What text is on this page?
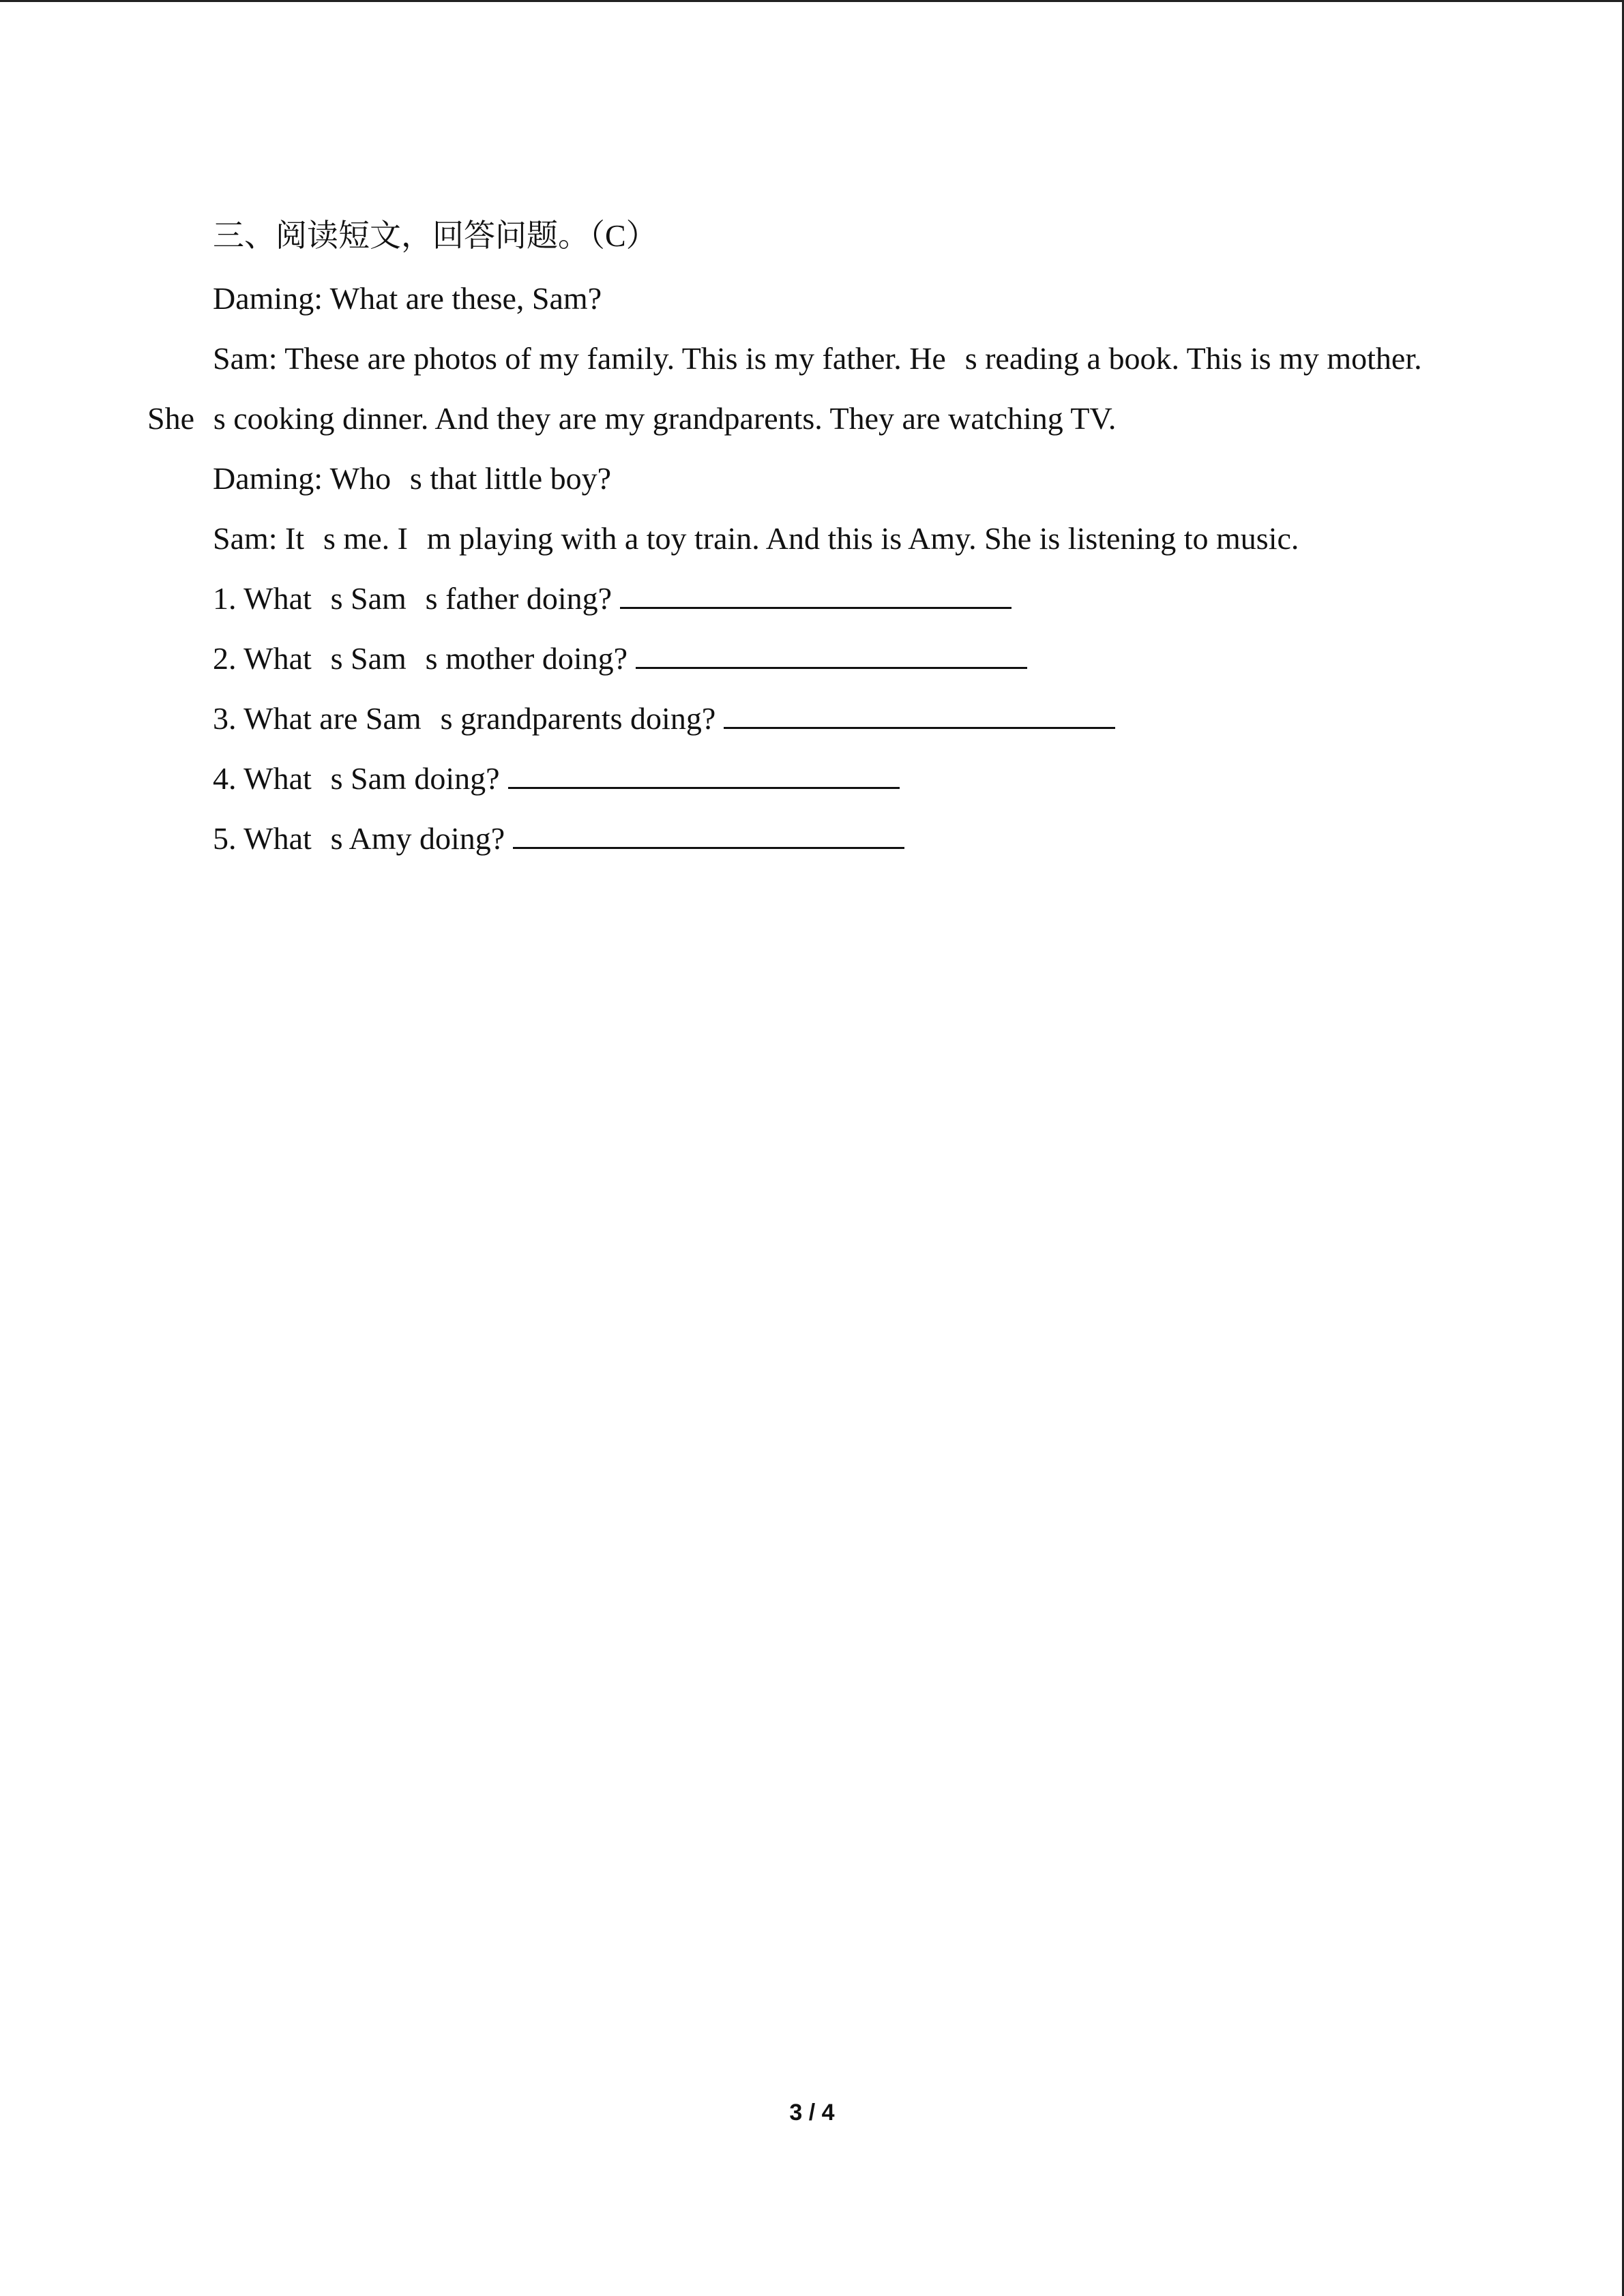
三、阅读短文，回答问题。（C）
Daming: What are these, Sam?
Sam: These are photos of my family. This is my father. Hes reading a book. This is my mother.
Shes cooking dinner. And they are my grandparents. They are watching TV.
Daming: Whos that little boy?
Sam: Its me. Im playing with a toy train. And this is Amy. She is listening to music.
1. Whats Sams father doing?
2. Whats Sams mother doing?
3. What are Sams grandparents doing?
4. Whats Sam doing?
5. Whats Amy doing?
3 / 4
